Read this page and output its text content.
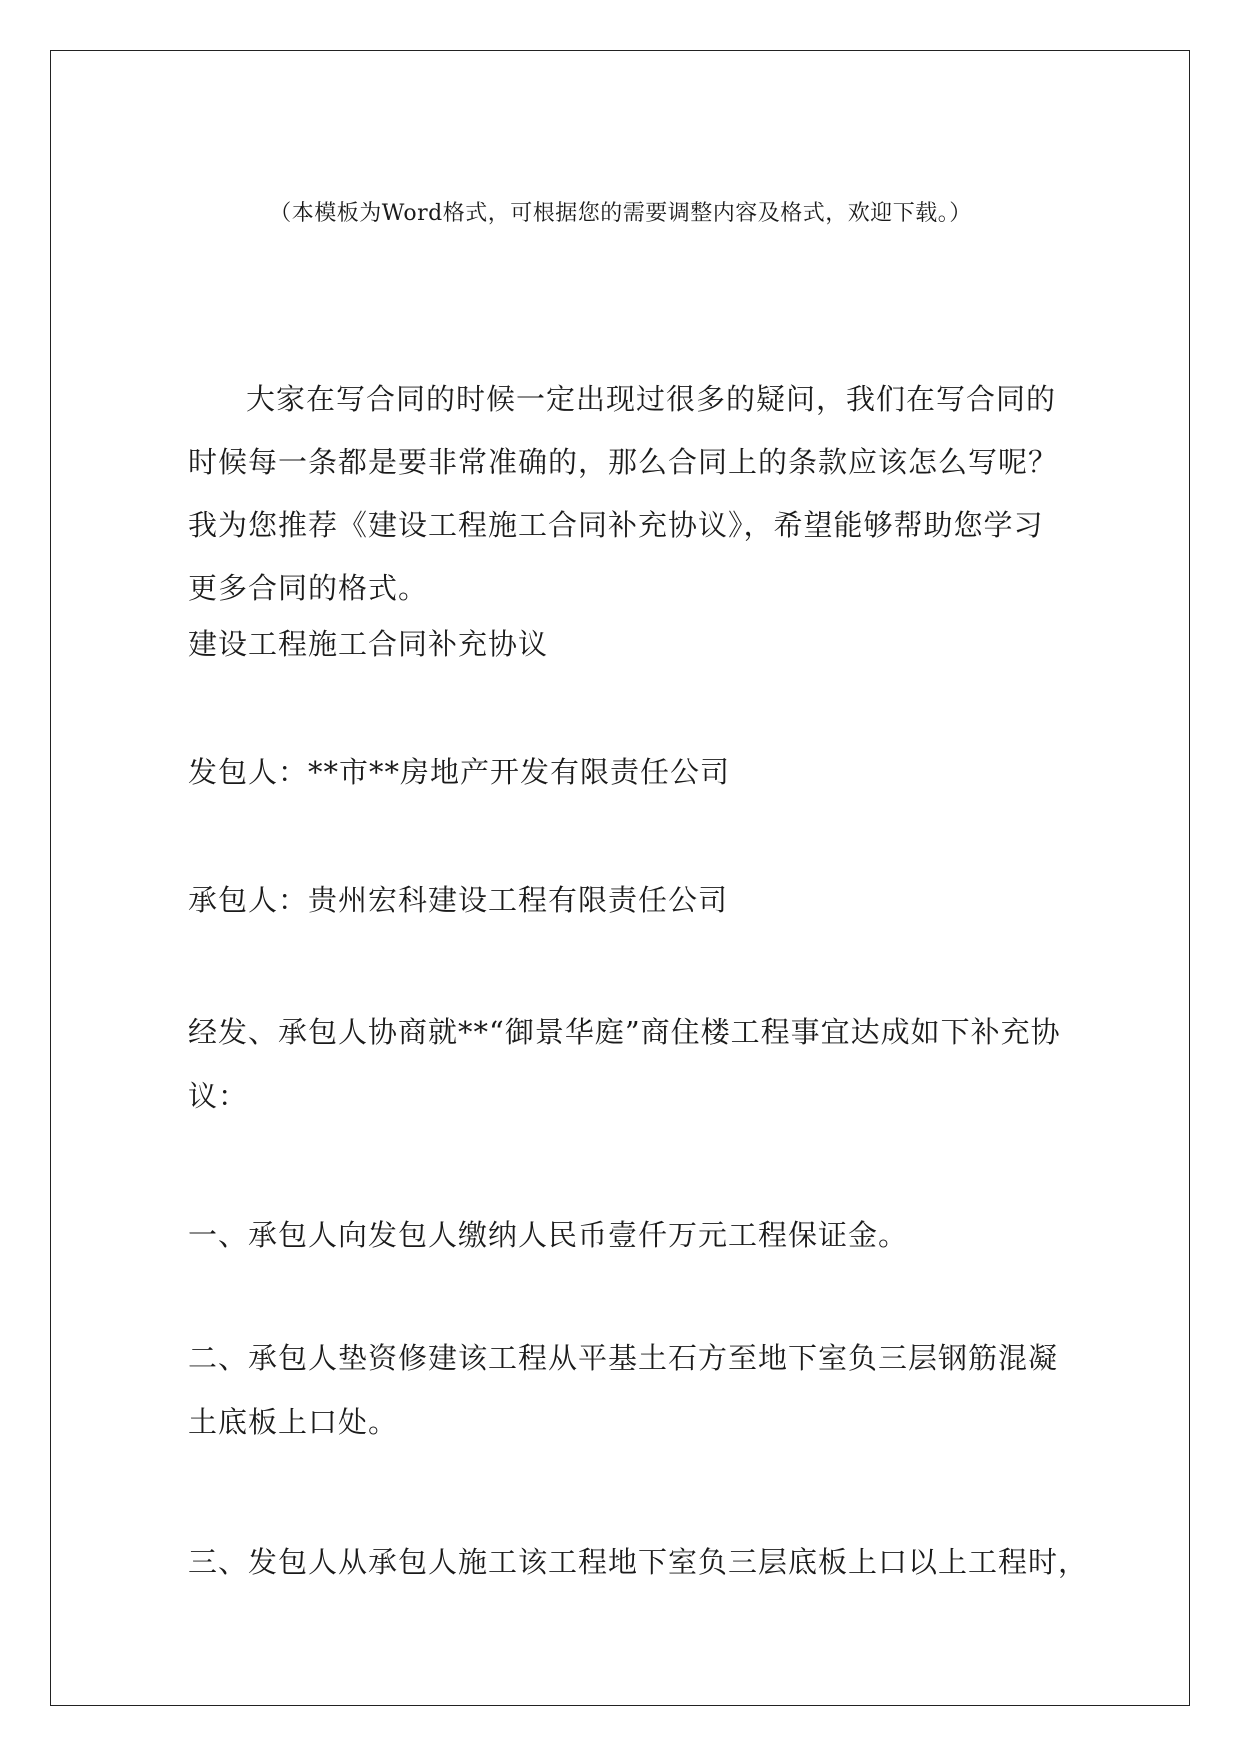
（本模板为Word格式，可根据您的需要调整内容及格式，欢迎下载。）

大家在写合同的时候一定出现过很多的疑问，我们在写合同的时候每一条都是要非常准确的，那么合同上的条款应该怎么写呢？我为您推荐《建设工程施工合同补充协议》，希望能够帮助您学习更多合同的格式。

建设工程施工合同补充协议

发包人：**市**房地产开发有限责任公司

承包人：贵州宏科建设工程有限责任公司

经发、承包人协商就**“御景华庭”商住楼工程事宜达成如下补充协议：

一、承包人向发包人缴纳人民币壹仟万元工程保证金。

二、承包人垫资修建该工程从平基土石方至地下室负三层钢筋混凝土底板上口处。

三、发包人从承包人施工该工程地下室负三层底板上口以上工程时，
